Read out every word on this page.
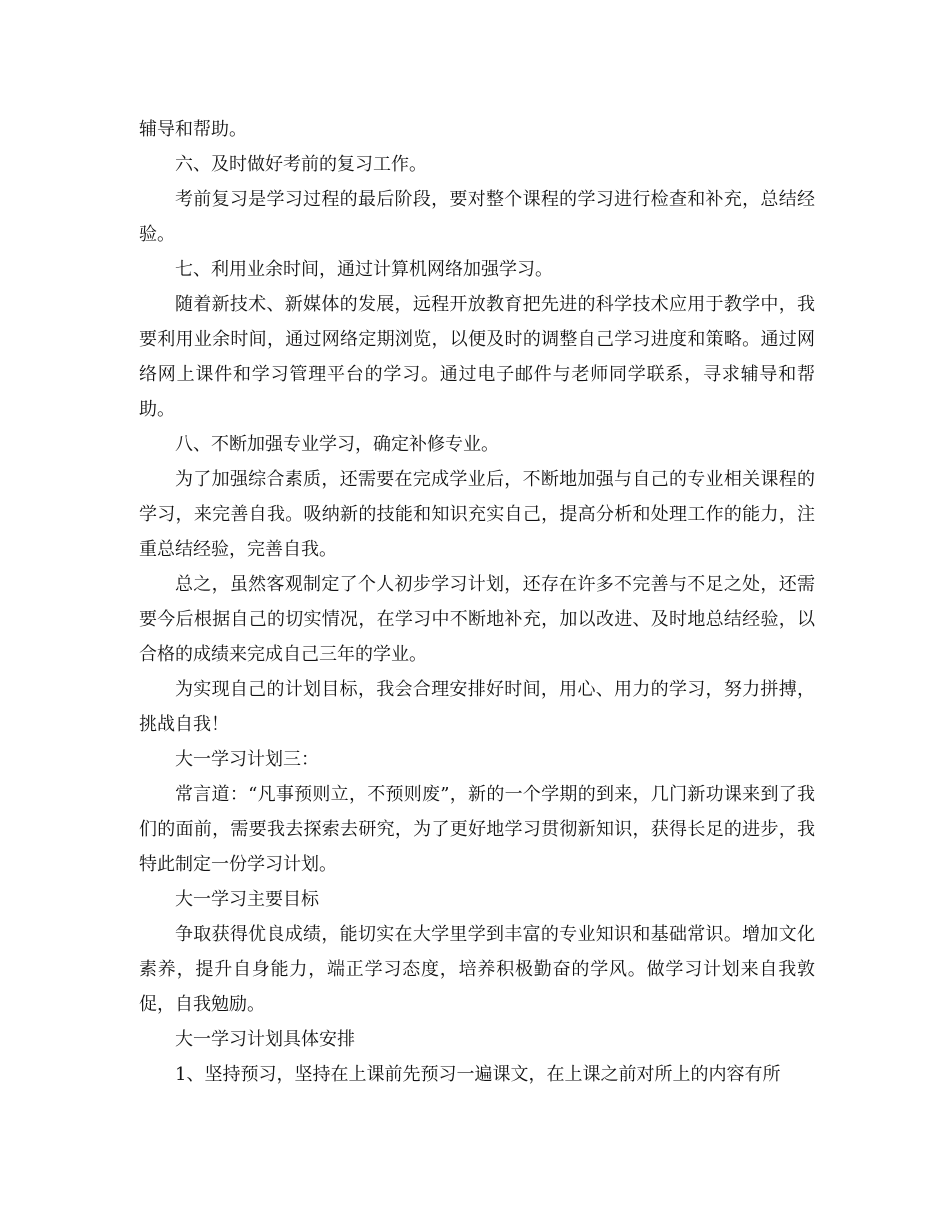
辅导和帮助。

六、及时做好考前的复习工作。

考前复习是学习过程的最后阶段，要对整个课程的学习进行检查和补充，总结经验。

七、利用业余时间，通过计算机网络加强学习。

随着新技术、新媒体的发展，远程开放教育把先进的科学技术应用于教学中，我要利用业余时间，通过网络定期浏览，以便及时的调整自己学习进度和策略。通过网络网上课件和学习管理平台的学习。通过电子邮件与老师同学联系，寻求辅导和帮助。

八、不断加强专业学习，确定补修专业。

为了加强综合素质，还需要在完成学业后，不断地加强与自己的专业相关课程的学习，来完善自我。吸纳新的技能和知识充实自己，提高分析和处理工作的能力，注重总结经验，完善自我。

总之，虽然客观制定了个人初步学习计划，还存在许多不完善与不足之处，还需要今后根据自己的切实情况，在学习中不断地补充，加以改进、及时地总结经验，以合格的成绩来完成自己三年的学业。

为实现自己的计划目标，我会合理安排好时间，用心、用力的学习，努力拼搏，挑战自我！

大一学习计划三：

常言道：“凡事预则立，不预则废”，新的一个学期的到来，几门新功课来到了我们的面前，需要我去探索去研究，为了更好地学习贯彻新知识，获得长足的进步，我特此制定一份学习计划。

大一学习主要目标

争取获得优良成绩，能切实在大学里学到丰富的专业知识和基础常识。增加文化素养，提升自身能力，端正学习态度，培养积极勤奋的学风。做学习计划来自我敦促，自我勉励。

大一学习计划具体安排

1、坚持预习，坚持在上课前先预习一遍课文，在上课之前对所上的内容有所
